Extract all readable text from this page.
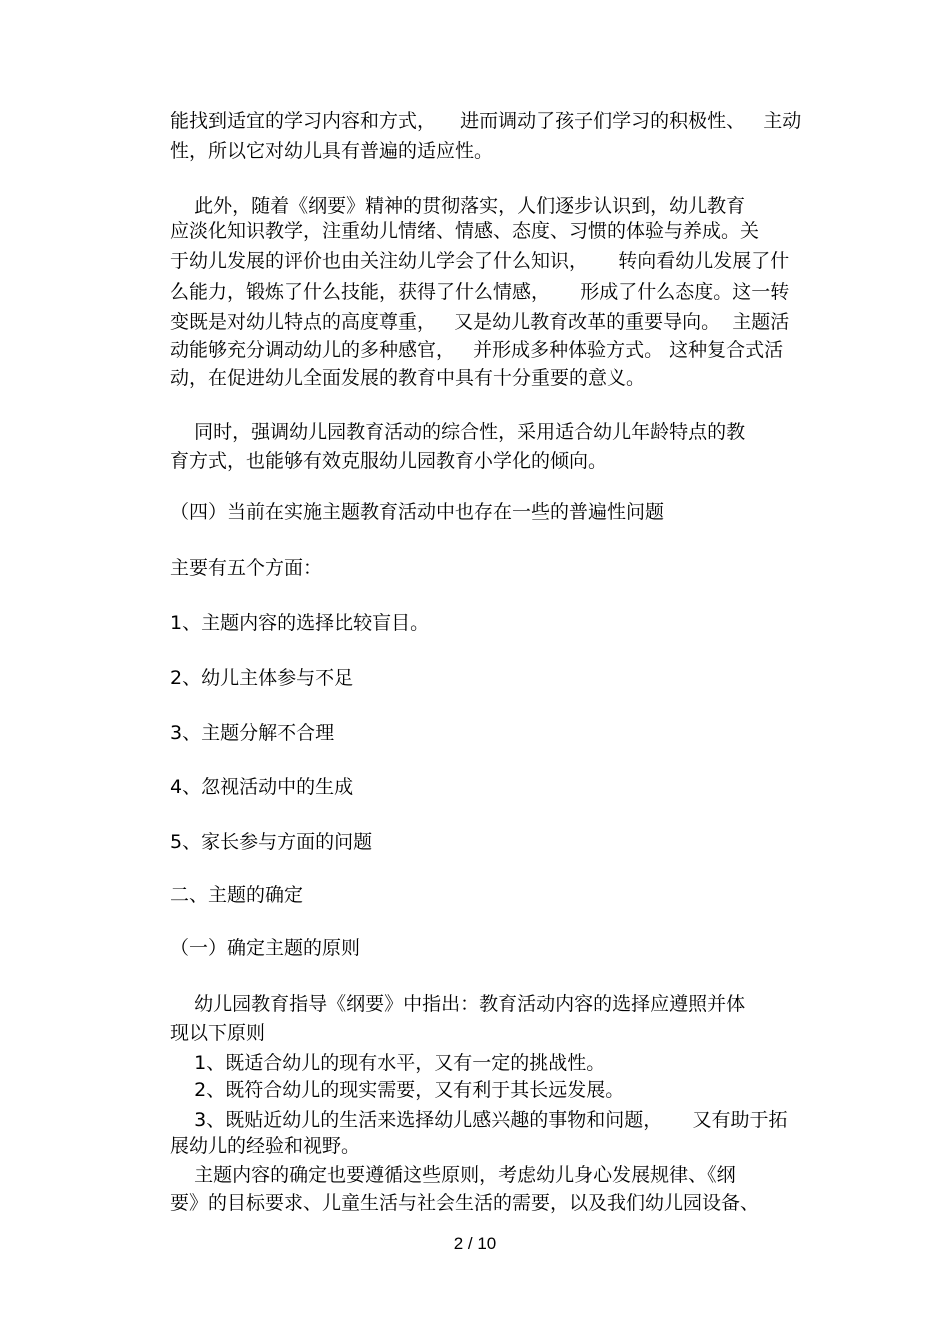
能找到适宜的学习内容和方式，    进而调动了孩子们学习的积极性、   主动
性，所以它对幼儿具有普遍的适应性。
此外，随着《纲要》精神的贯彻落实，人们逐步认识到，幼儿教育
应淡化知识教学，注重幼儿情绪、情感、态度、习惯的体验与养成。关
于幼儿发展的评价也由关注幼儿学会了什么知识，     转向看幼儿发展了什
么能力，锻炼了什么技能，获得了什么情感，     形成了什么态度。这一转
变既是对幼儿特点的高度尊重，   又是幼儿教育改革的重要导向。  主题活
动能够充分调动幼儿的多种感官，   并形成多种体验方式。 这种复合式活
动，在促进幼儿全面发展的教育中具有十分重要的意义。
同时，强调幼儿园教育活动的综合性，采用适合幼儿年龄特点的教
育方式，也能够有效克服幼儿园教育小学化的倾向。
（四）当前在实施主题教育活动中也存在一些的普遍性问题
主要有五个方面：
1、主题内容的选择比较盲目。
2、幼儿主体参与不足
3、主题分解不合理
4、忽视活动中的生成
5、家长参与方面的问题
二、主题的确定
（一）确定主题的原则
幼儿园教育指导《纲要》中指出：教育活动内容的选择应遵照并体
现以下原则
1、既适合幼儿的现有水平，又有一定的挑战性。
2、既符合幼儿的现实需要，又有利于其长远发展。
3、既贴近幼儿的生活来选择幼儿感兴趣的事物和问题，     又有助于拓
展幼儿的经验和视野。
主题内容的确定也要遵循这些原则，考虑幼儿身心发展规律、《纲
要》的目标要求、儿童生活与社会生活的需要，以及我们幼儿园设备、
2 / 10
